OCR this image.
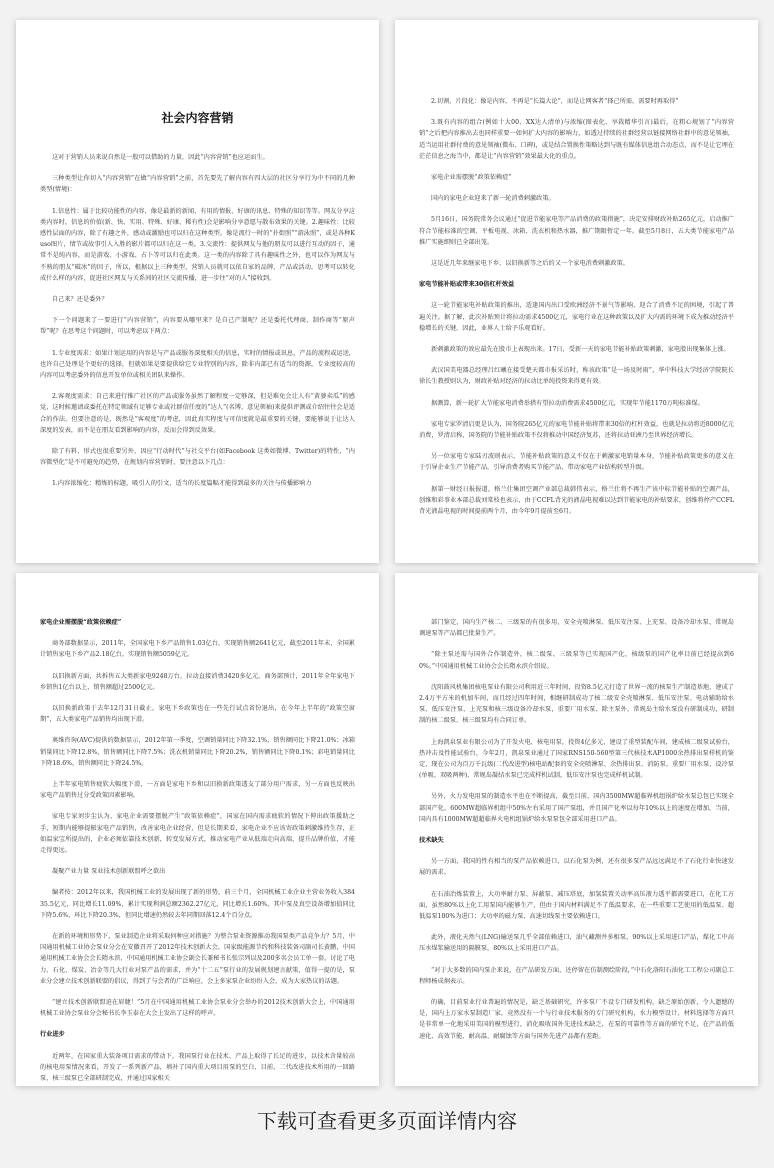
社会内容营销

这对于营销人员来说自然是一股可以借助的力量，因此“内容营销”也应运而生。

三种类型让你切入“内容营销”在做“内容营销”之前，首先要先了解内容有四大层的社区分享行为中不同的几种类型(情境)：

1.信息性：属于比较功能性的内容，像是最新的新闻、有用的情报、好康的讯息、特殊的知识等等。网友分享这类内容时，信息的价值(新、快、实用、特殊、好康、稀有性)会是影响分享意愿与散布效果的关键。2.趣味性：比较感性层面的内容，除了有趣之外，感动或激励也可以归在这种类型。像是流行一时的“扑街照”“游泳照”，或是各种Kuso图片，情节或故事引人入胜的影片都可以归在这一类。3.交流性：提供网友与他的朋友可以进行互动的因子，通常不是纯内容，而是游戏、小游戏、占卜等可以归在此类。这一类的内容除了具有趣味性之外，也可以作为网友与不熟的朋友“破冰”的因子，所以，根据以上三种类型，营销人员就可以依自家的品牌、产品或活动，思考可以转化成什么样的内容，促进社区网友与关系间的社区交流传播，进一步往“对的人”接收到。

自己来？还是委外？

下一个问题来了一要进行“内容营销”，内容要从哪里来？是自己产制呢？还是委托代理商，制作商等“原声帮”呢？在思考这个问题时，可以考虑以下两点：

1.专业度需求：如果计划运用的内容是与产品或服务深度相关的信息，实时的情报或讯息，产品的流程或运送，也许自己处理是个更好的选择，但就如果是要提供给它专业特别的内容，除非内部已有适当的资源，专业度较高的内容可以考虑委外的信息开发单位或相关团队来操作。

2.客观度需求：自己来进行推广社区的产品或服务虽然了解程度一定够深，但是难免会让人有“黄婆卖瓜”的感觉，这时候邀请或委托在特定领域有足够专业或社群信任度的“达人”(名博、意见领袖)来提供评测或介绍往往会是适合的作法。但要注意的是，既然是“客观度”的考虑，因此真实程度与可信度就是最重要的关键，要能够说于让达人深度的发表，而不是在朋友看到影响的内容，反而会得到反效果。

除了有料，形式也很重要另外，因应“行动时代”与社交平台(如Facebook 这类如微博、Twitter)的特性，“内容微型化”是不可避免的趋势，在规划内容营销时，要注意以下几点：

1.内容浓缩化：精炼的标题，吸引人的引文，适当的长度篇幅才能得到最多的关注与传播影响力

2.切割、片段化：像是内容，不再是“长篇大论”，而是让网客者“择己所需，需要时再取得”

3.既有内容的组合(例如十大00、XX达人清单)与浓缩(图表化、享栽精华引言)最后，在粗心规划了“内容营销”之后把内容推出去也同样重要一如何扩大内容的影响力，如透过持续的社群经营以链接网络社群中的意见领袖，适当运用社群付费的意见领袖(微布、口碑)，或是结合置换性策略达到与既有媒体信息组合动态点，而不是让它埋在茫茫信息之海当中，都是让“内容营销”效果最大化的重点。

家电企业需摆脱“政策依赖症”

国内的家电企业迎来了新一轮消费刺激政策。

5月16日，国务院常务会议通过“促进节能家电等产品消费的政策措施”，决定安排财政补贴265亿元，启动推广符合节能标准的空调、平板电视、冰箱、洗衣机和热水器，推广期限暂定一年。截至5月8日，五大类节能家电产品推广实施细则已全部出笼。

这是近几年来继家电下乡、以旧换新等之后的又一个家电消费刺激政策。

家电节能补贴或带来30倍杠杆效益

这一轮节能家电补贴政策的推出，适逢国内出口受欧洲经济不景气等影响，迎合了消费不足的困境，引起了普遍关注。据了解，此次补贴预计将拉动需求4500亿元，家电行业在这种政策以及扩大内需的环境下成为推动经济平稳增长的关键，因此，业界人士给予乐观看好。

新刺激政策的效应最先在股市上表现出来。17日，受新一天的家电节能补贴政策刺激，家电股出现集体上涨。

武汉国美电器总经理吕红曦在接受楚天都市报采访时，称该政策“是一场及时雨”，华中科技大学经济学院院长徐长生教授则认为，财政补贴对经济的拉动比单纯投资来得更有效。

据测算，新一轮扩大节能家电消费举措有望拉动消费需求4500亿元，实现年节能1170万吨标准煤。

家电专家罗清启更是认为，国务院265亿元的家电节能补贴将带来30倍的杠杆效益，也就是拉动将近8000亿元消费，罗清启称，国务院的节能补贴政策不仅将推动中国经济复苏，还将拉动亚洲乃至世界经济增长。

另一位家电专家陆刃波则表示，节能补贴政策的意义不仅在于刺激家电销量本身，节能补贴政策更多的意义在于引导企业生产节能产品，引导消费者购买节能产品，带动家电产业结构转型升级。

据第一财经日报报道，格兰仕集团空调产业部总裁韩伟表示，格兰仕将不再生产该中标节能补贴的空调产品，创维和彩事业本部总裁刘棠枝也表示，由于CCFL背光的液晶电视难以达到节能家电的补贴要求，创维将停产CCFL背光液晶电视的时间提前两个月，由今年9月提前至6月。

家电企业需摆脱“政策依赖症”

商务部数据显示，2011年，全国家电下乡产品销售1.03亿台，实现销售额2641亿元，截至2011年末，全国累计销售家电下乡产品2.18亿台，实现销售额5059亿元。

以旧换新方面，共拆售五大类新家电9248万台，拉动直接消费3420多亿元。商务部预计，2011年全年家电下乡销售1亿台以上，销售额超过2500亿元。

以旧换新政策于去年12月31日截止，家电下乡政策也在一些先行试点省份退出，在今年上半年的“政策空窗期”，五大类家电产品销售均出现下滑。

奥维咨询(AVC)提供的数据显示，2012年第一季度，空调销量同比下降32.1%，销售额同比下降21.0%；冰箱销量同比下降12.8%，销售额同比下降7.5%；洗衣机销量同比下降20.2%，销售额同比下降0.1%；彩电销量同比下降18.6%，销售额同比下降24.5%。

上半年家电销售疲软大幅度下滑，一方面是家电下乡和以旧换新政策透支了部分用户需求，另一方面也反映出家电产品销售过分受政策因素影响。

家电专家刘步尘认为，家电企业需要摆脱产生“政策依赖症”，国家在国内需求疲软的情况下伸出政策援助之手，短期内能够提振家电产品销售，改善家电企业经营，但是长期来看，家电企业不应该寄政策刺激维持生存，正如温家宝所提出的，企业必须依靠技术创新，转变发展方式，推动家电产业从低端走向高端，提升品牌价值，才能走得更远。

凝聚产业力量 泵业技术创新联盟呼之欲出

编者按：2012年以来，我国机械工业的发展出现了新的形势，前三个月，全国机械工业企业主营业务收入38435.5亿元，同比增长11.09%，累计实现利润总额2362.27亿元，同比增长1.60%，其中泵及真空设备增加值同比下降5.6%，环比下降20.3%，但同比增速仍然较去年同期回落12.4个百分点。

在新的环境和形势下，泵业制造企业将采取何种应对措施？为整合泵业资源推动我国泵类产品竞争力？5月，中国通用机械工业协会泵业分会在安徽召开了2012年技术创新大会，国家级能源节约和科技装备司副司长黄鹏，中国通用机械工业协会会长隋永滨，中国通用机械工业协会副会长兼秘书长张宗列以及200多名会员工单一套，讨论了电力、石化、煤炭、冶金等几大行业对泵产品的需求，并为“十二五”泵行业的发展规划建言献策，值得一提的是，泵业分会建立技术创新联盟的倡议，得到了与会者的广泛响应，会上多家泵企业纷纷入会，成为大家热议的话题。

“建立技术创新联盟迫在眉睫！”5月在中国通用机械工业协会泵业分会举办的2012技术创新大会上，中国通用机械工业协会泵业分会秘书长李玉泰在大会上发出了这样的呼声。

行业进步

近两年，在国家重大装备项目需求的带动下，我国泵行业在技术、产品上取得了长足的进步，以技术含量较高的核电用泵情况来看，开发了一系列新产品，填补了国内重大项目用泵的空白，目前，二代改进技术所用的一回路泵，核三级泵已全部研制完成，并通过国家相关

部门鉴定，国内生产核二、三级泵的有很多用，安全壳喷淋泵、低压安注泵、上充泵、设备冷却水泵、常规岛调速泵等产品都已批量生产。

“除主泵还需与国外合作制造外，核二级泵、三级泵等已实现国产化，核级泵的国产化率目前已经提高到60%。”中国通用机械工业协会会长隋永滨介绍说。

沈阳鼓风机集团核电泵业有限公司利用近三年时间，投资8.5亿元打造了世界一流的核泵生产制造基地，建成了2.4万平方米的机加车间，而且经过四年时间，相继研制成功了核二级安全壳喷淋泵、低压安注泵、电动辅助给水泵、低压安注泵、上充泵和核三级设备冷却水泵，重要厂用水泵、除主泵外，常规岛主给水泵没有研制成功，研制制的核二级泵、核三级泵均有合同订单。

上海凯泉泵业有限公司为了开发火电、核电用泵，投资4亿多元，建设了重型装配车间，建成核二级泵试验台，热冲击及性能试验台，今年2月，凯泉泵业通过了国家RNS150-560型第三代核技术AP1000余热排出泵样机的鉴定，现在公司为百万千瓦级(二代改进型)核电站配套的安全壳喷淋泵、余热排出泵、消防泵、重要厂用水泵、设冷泵(单吸、双吸两种)、常规岛凝结水泵已完成样机试制，低压安注泵也完成样机试制。

另外，火力发电用泵的制造水平也在不断提高，截至目前，国内3500MW超临界机组锅炉给水泵总包已实现全部国产化，600MW超临界机组中50%左右采用了国产泵组，并且国产化率以每年10%以上的速度在增加，当前，国内具有1000MW超超临界火电机组锅炉给水泵泵包全部采用进口产品。

技术缺失

另一方面，我国的性有相当的泵产品依赖进口，以石化泵为例，还有很多泵产品远远满足不了石化行业快速发展的需求。

在石油冶炼装置上，大功率耐力泵、屏蔽泵、减压塔底，加氢装置关动率高压液力透平都需要进口，在化工方面，虽然80%以上化工用泵国内能够生产，但由于国内材料满足不了低温要求，在一些重要工艺使用的低温泵、超低温泵100%为进口；大功率的磁力泵、高速切线泵主要依赖进口。

此外，液化天然气(LNG)输送泵几乎全部依赖进口，油气藏测井多相泵，90%以上采用进口产品，煤化工中高压水煤浆输送用的隔膜泵，80%以上采用进口产品。

“对于大多数的国内泵企来说，在产品研发方面，还停留在仿制测绘阶段，”中石化洛阳石油化工工程公司副总工程师杨成炯表示。

的确，目前泵业行业普遍的情况是，缺乏基础研究，许多泵厂不设专门研发机构，缺乏原始创新，令人遗憾的是，国内上万家水泵制造厂家，竟然没有一个与行业技术服务的专门研究机构，水力模型设计、材料选择等方面只是非常单一化地采用美国的模型进行，消化吸收国外先进技术缺乏，在泵的可靠性等方面的研究不足，在产品的低速化、高效节能、耐高温、耐腐蚀等方面与国外先进产品都有差距。

下载可查看更多页面详情内容
